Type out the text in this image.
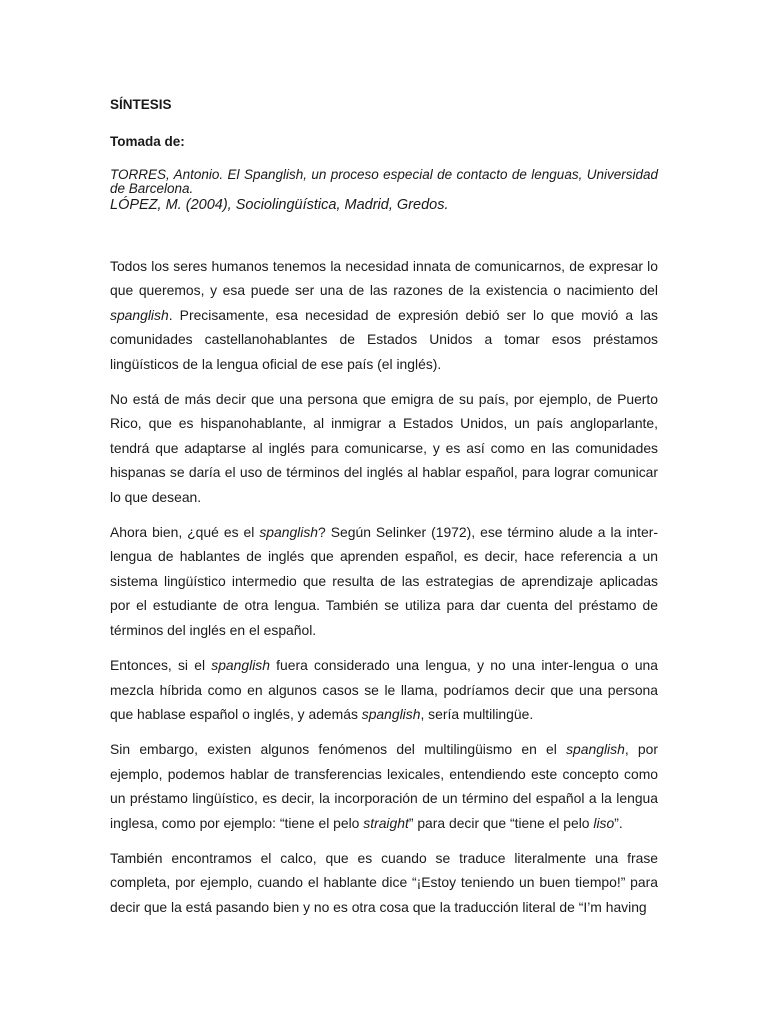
SÍNTESIS

Tomada de:

TORRES, Antonio. El Spanglish, un proceso especial de contacto de lenguas, Universidad de Barcelona.

LÓPEZ, M. (2004), Sociolingüística, Madrid, Gredos.

Todos los seres humanos tenemos la necesidad innata de comunicarnos, de expresar lo que queremos, y esa puede ser una de las razones de la existencia o nacimiento del spanglish. Precisamente, esa necesidad de expresión debió ser lo que movió a las comunidades castellanohablantes de Estados Unidos a tomar esos préstamos lingüísticos de la lengua oficial de ese país (el inglés).

No está de más decir que una persona que emigra de su país, por ejemplo, de Puerto Rico, que es hispanohablante, al inmigrar a Estados Unidos, un país angloparlante, tendrá que adaptarse al inglés para comunicarse, y es así como en las comunidades hispanas se daría el uso de términos del inglés al hablar español, para lograr comunicar lo que desean.

Ahora bien, ¿qué es el spanglish? Según Selinker (1972), ese término alude a la inter-lengua de hablantes de inglés que aprenden español, es decir, hace referencia a un sistema lingüístico intermedio que resulta de las estrategias de aprendizaje aplicadas por el estudiante de otra lengua. También se utiliza para dar cuenta del préstamo de términos del inglés en el español.

Entonces, si el spanglish fuera considerado una lengua, y no una inter-lengua o una mezcla híbrida como en algunos casos se le llama, podríamos decir que una persona que hablase español o inglés, y además spanglish, sería multilingüe.

Sin embargo, existen algunos fenómenos del multilingüismo en el spanglish, por ejemplo, podemos hablar de transferencias lexicales, entendiendo este concepto como un préstamo lingüístico, es decir, la incorporación de un término del español a la lengua inglesa, como por ejemplo: “tiene el pelo straight” para decir que “tiene el pelo liso”.

También encontramos el calco, que es cuando se traduce literalmente una frase completa, por ejemplo, cuando el hablante dice “¡Estoy teniendo un buen tiempo!” para decir que la está pasando bien y no es otra cosa que la traducción literal de “I’m having
